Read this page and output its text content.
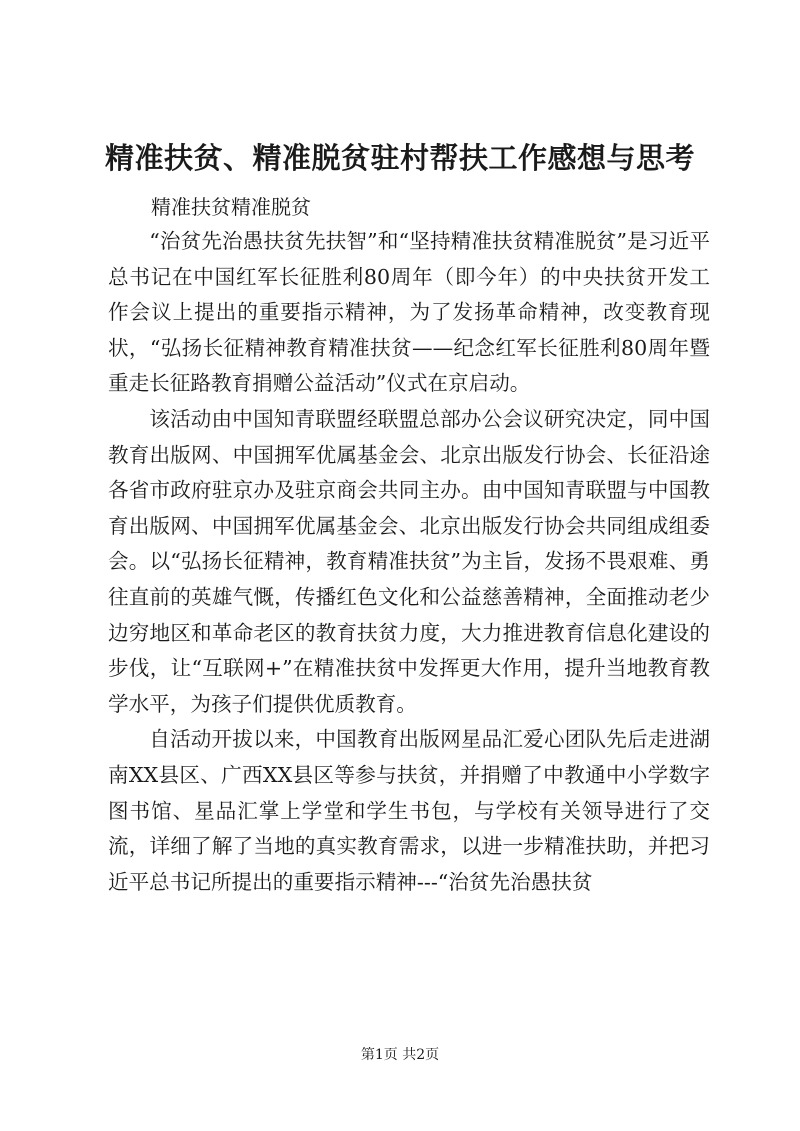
精准扶贫、精准脱贫驻村帮扶工作感想与思考

精准扶贫精准脱贫

“治贫先治愚扶贫先扶智”和“坚持精准扶贫精准脱贫”是习近平总书记在中国红军长征胜利80周年（即今年）的中央扶贫开发工作会议上提出的重要指示精神，为了发扬革命精神，改变教育现状，“弘扬长征精神教育精准扶贫——纪念红军长征胜利80周年暨重走长征路教育捐赠公益活动”仪式在京启动。

该活动由中国知青联盟经联盟总部办公会议研究决定，同中国教育出版网、中国拥军优属基金会、北京出版发行协会、长征沿途各省市政府驻京办及驻京商会共同主办。由中国知青联盟与中国教育出版网、中国拥军优属基金会、北京出版发行协会共同组成组委会。以“弘扬长征精神，教育精准扶贫”为主旨，发扬不畏艰难、勇往直前的英雄气慨，传播红色文化和公益慈善精神，全面推动老少边穷地区和革命老区的教育扶贫力度，大力推进教育信息化建设的步伐，让“互联网+”在精准扶贫中发挥更大作用，提升当地教育教学水平，为孩子们提供优质教育。

自活动开拔以来，中国教育出版网星品汇爱心团队先后走进湖南XX县区、广西XX县区等参与扶贫，并捐赠了中教通中小学数字图书馆、星品汇掌上学堂和学生书包，与学校有关领导进行了交流，详细了解了当地的真实教育需求，以进一步精准扶助，并把习近平总书记所提出的重要指示精神---“治贫先治愚扶贫

第1页 共2页
